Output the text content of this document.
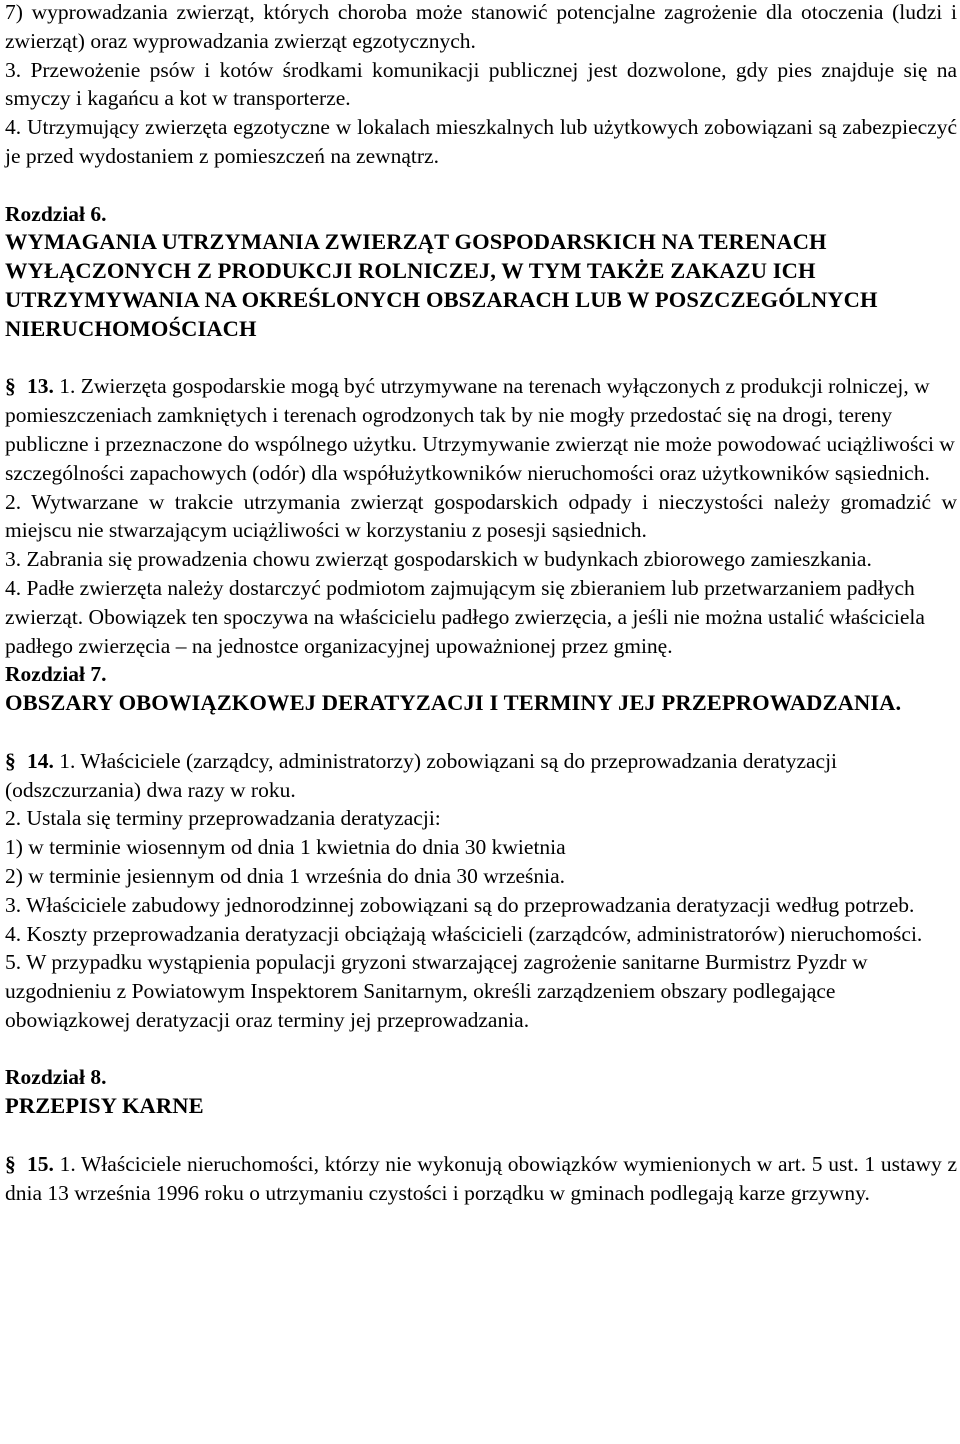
7) wyprowadzania zwierząt, których choroba może stanowić potencjalne zagrożenie dla otoczenia (ludzi i zwierząt) oraz wyprowadzania zwierząt egzotycznych.

3. Przewożenie psów i kotów środkami komunikacji publicznej jest dozwolone, gdy pies znajduje się na smyczy i kagańcu a kot w transporterze.

4. Utrzymujący zwierzęta egzotyczne w lokalach mieszkalnych lub użytkowych zobowiązani są zabezpieczyć je przed wydostaniem z pomieszczeń na zewnątrz.

Rozdział 6.

WYMAGANIA UTRZYMANIA ZWIERZĄT GOSPODARSKICH NA TERENACH WYŁĄCZONYCH Z PRODUKCJI ROLNICZEJ, W TYM TAKŻE ZAKAZU ICH UTRZYMYWANIA NA OKREŚLONYCH OBSZARACH LUB W POSZCZEGÓLNYCH NIERUCHOMOŚCIACH

§ 13. 1. Zwierzęta gospodarskie mogą być utrzymywane na terenach wyłączonych z produkcji rolniczej, w pomieszczeniach zamkniętych i terenach ogrodzonych tak by nie mogły przedostać się na drogi, tereny publiczne i przeznaczone do wspólnego użytku. Utrzymywanie zwierząt nie może powodować uciążliwości w szczególności zapachowych (odór) dla współużytkowników nieruchomości oraz użytkowników sąsiednich.

2. Wytwarzane w trakcie utrzymania zwierząt gospodarskich odpady i nieczystości należy gromadzić w miejscu nie stwarzającym uciążliwości w korzystaniu z posesji sąsiednich.

3. Zabrania się prowadzenia chowu zwierząt gospodarskich w budynkach zbiorowego zamieszkania.

4. Padłe zwierzęta należy dostarczyć podmiotom zajmującym się zbieraniem lub przetwarzaniem padłych zwierząt. Obowiązek ten spoczywa na właścicielu padłego zwierzęcia, a jeśli nie można ustalić właściciela padłego zwierzęcia – na jednostce organizacyjnej upoważnionej przez gminę.

Rozdział 7.

OBSZARY OBOWIĄZKOWEJ DERATYZACJI I TERMINY JEJ PRZEPROWADZANIA.

§ 14. 1. Właściciele (zarządcy, administratorzy) zobowiązani są do przeprowadzania deratyzacji (odszczurzania) dwa razy w roku.

2. Ustala się terminy przeprowadzania deratyzacji:

1) w terminie wiosennym od dnia 1 kwietnia do dnia 30 kwietnia

2) w terminie jesiennym od dnia 1 września do dnia 30 września.

3. Właściciele zabudowy jednorodzinnej zobowiązani są do przeprowadzania deratyzacji według potrzeb.

4. Koszty przeprowadzania deratyzacji obciążają właścicieli (zarządców, administratorów) nieruchomości.

5. W przypadku wystąpienia populacji gryzoni stwarzającej zagrożenie sanitarne Burmistrz Pyzdr w uzgodnieniu z Powiatowym Inspektorem Sanitarnym, określi zarządzeniem obszary podlegające obowiązkowej deratyzacji oraz terminy jej przeprowadzania.

Rozdział 8.

PRZEPISY KARNE

§ 15. 1. Właściciele nieruchomości, którzy nie wykonują obowiązków wymienionych w art. 5 ust. 1 ustawy z dnia 13 września 1996 roku o utrzymaniu czystości i porządku w gminach podlegają karze grzywny.
